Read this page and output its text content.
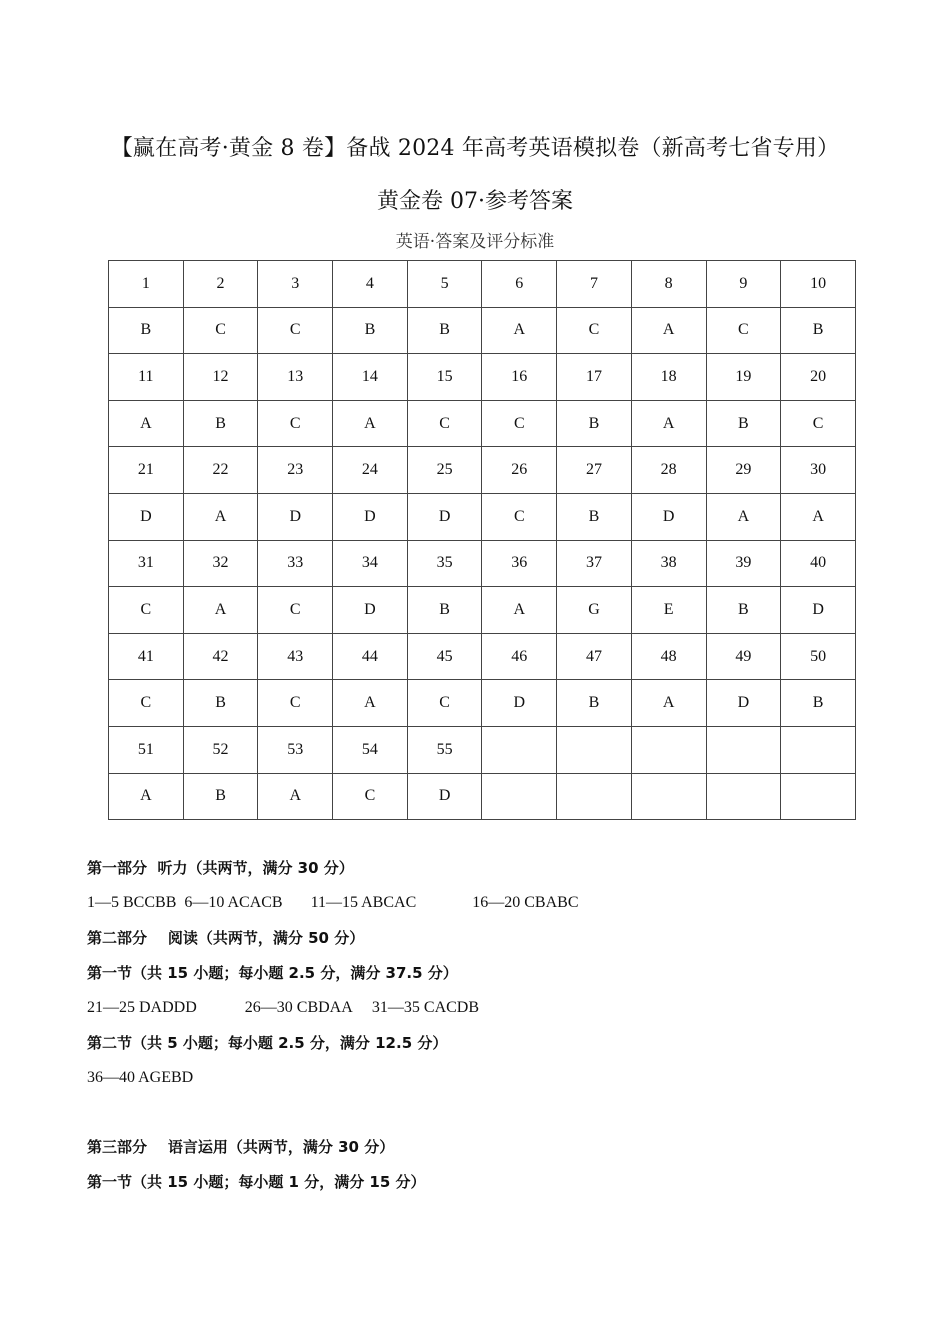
【赢在高考·黄金 8 卷】备战 2024 年高考英语模拟卷（新高考七省专用）
黄金卷 07·参考答案
英语·答案及评分标准
1	2	3	4	5	6	7	8	9	10
B	C	C	B	B	A	C	A	C	B
11	12	13	14	15	16	17	18	19	20
A	B	C	A	C	C	B	A	B	C
21	22	23	24	25	26	27	28	29	30
D	A	D	D	D	C	B	D	A	A
31	32	33	34	35	36	37	38	39	40
C	A	C	D	B	A	G	E	B	D
41	42	43	44	45	46	47	48	49	50
C	B	C	A	C	D	B	A	D	B
51	52	53	54	55					
A	B	A	C	D					
第一部分  听力（共两节，满分 30 分）
1—5 BCCBB  6—10 ACACB       11—15 ABCAC              16—20 CBABC
第二部分    阅读（共两节，满分 50 分）
第一节（共 15 小题；每小题 2.5 分，满分 37.5 分）
21—25 DADDD            26—30 CBDAA     31—35 CACDB
第二节（共 5 小题；每小题 2.5 分，满分 12.5 分）
36—40 AGEBD
第三部分    语言运用（共两节，满分 30 分）
第一节（共 15 小题；每小题 1 分，满分 15 分）
